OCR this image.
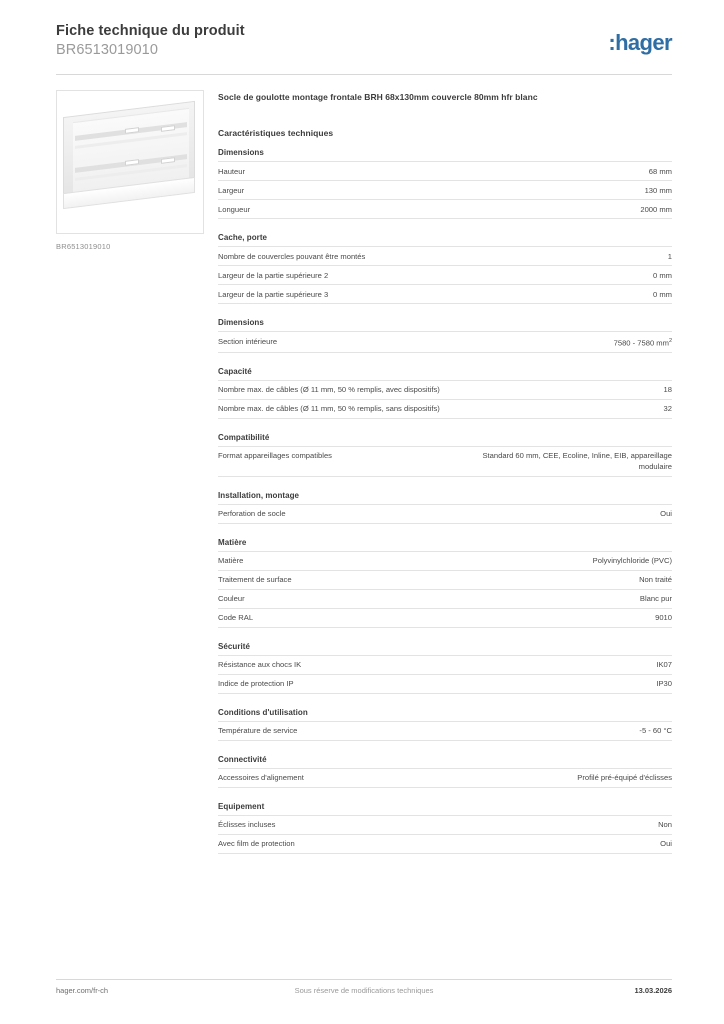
Fiche technique du produit
BR6513019010	:hager
BR6513019010
Socle de goulotte montage frontale BRH 68x130mm couvercle 80mm hfr blanc
Caractéristiques techniques
Dimensions
Hauteur	68 mm
Largeur	130 mm
Longueur	2000 mm
Cache, porte
Nombre de couvercles pouvant être montés	1
Largeur de la partie supérieure 2	0 mm
Largeur de la partie supérieure 3	0 mm
Dimensions
Section intérieure	7580 - 7580 $mm^2$
Capacité
Nombre max. de câbles (Ø 11 mm, 50 % remplis, avec dispositifs)	18
Nombre max. de câbles (Ø 11 mm, 50 % remplis, sans dispositifs)	32
Compatibilité
Format appareillages compatibles	Standard 60 mm, CEE, Ecoline, Inline, EIB, appareillage modulaire
Installation, montage
Perforation de socle	Oui
Matière
Matière	Polyvinylchloride (PVC)
Traitement de surface	Non traité
Couleur	Blanc pur
Code RAL	9010
Sécurité
Résistance aux chocs IK	IK07
Indice de protection IP	IP30
Conditions d'utilisation
Température de service	-5 - 60 °C
Connectivité
Accessoires d'alignement	Profilé pré-équipé d'éclisses
Equipement
Éclisses incluses	Non
Avec film de protection	Oui
hager.com/fr-ch	Sous réserve de modifications techniques	13.03.2026
